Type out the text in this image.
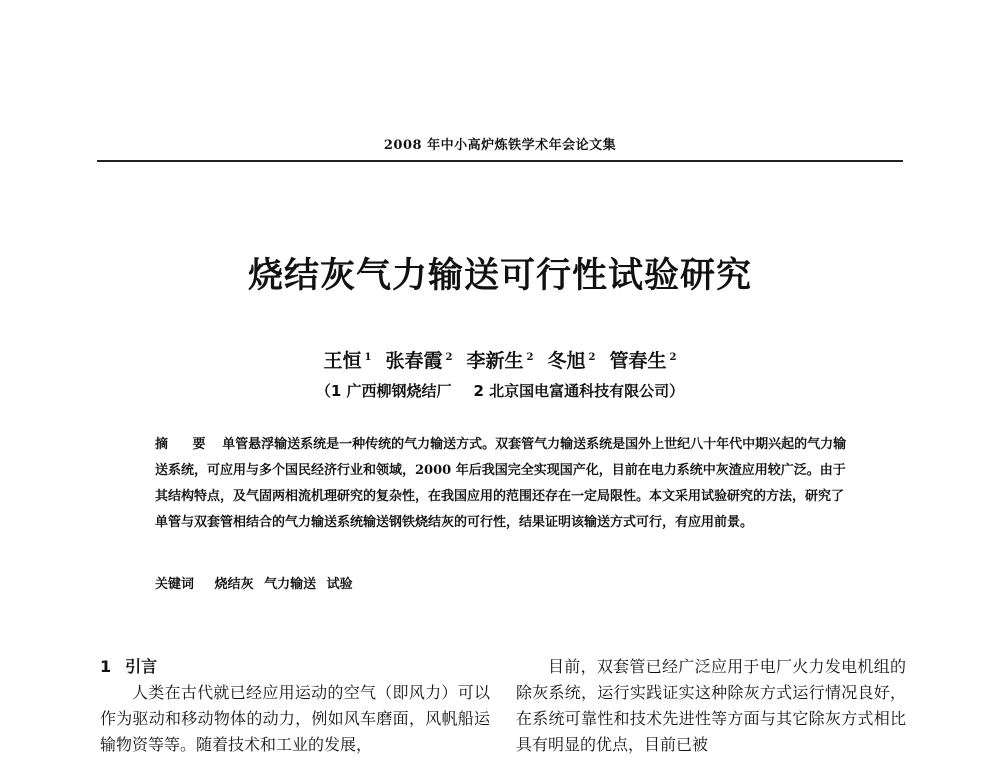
2008 年中小高炉炼铁学术年会论文集
烧结灰气力输送可行性试验研究
王恒 $^1$ 张春霞 $^2$ 李新生 $^2$ 冬旭 $^2$ 管春生 $^2$
（1 广西柳钢烧结厂 2 北京国电富通科技有限公司）
摘 要 单管悬浮输送系统是一种传统的气力输送方式。双套管气力输送系统是国外上世纪八十年代中期兴起的气力输送系统，可应用与多个国民经济行业和领域，2000 年后我国完全实现国产化，目前在电力系统中灰渣应用较广泛。由于其结构特点，及气固两相流机理研究的复杂性，在我国应用的范围还存在一定局限性。本文采用试验研究的方法，研究了单管与双套管相结合的气力输送系统输送钢铁烧结灰的可行性，结果证明该输送方式可行，有应用前景。
关键词 烧结灰 气力输送 试验
1 引言
人类在古代就已经应用运动的空气（即风力）可以作为驱动和移动物体的动力，例如风车磨面，风帆船运输物资等等。随着技术和工业的发展，
目前，双套管已经广泛应用于电厂火力发电机组的除灰系统，运行实践证实这种除灰方式运行情况良好，在系统可靠性和技术先进性等方面与其它除灰方式相比具有明显的优点，目前已被
